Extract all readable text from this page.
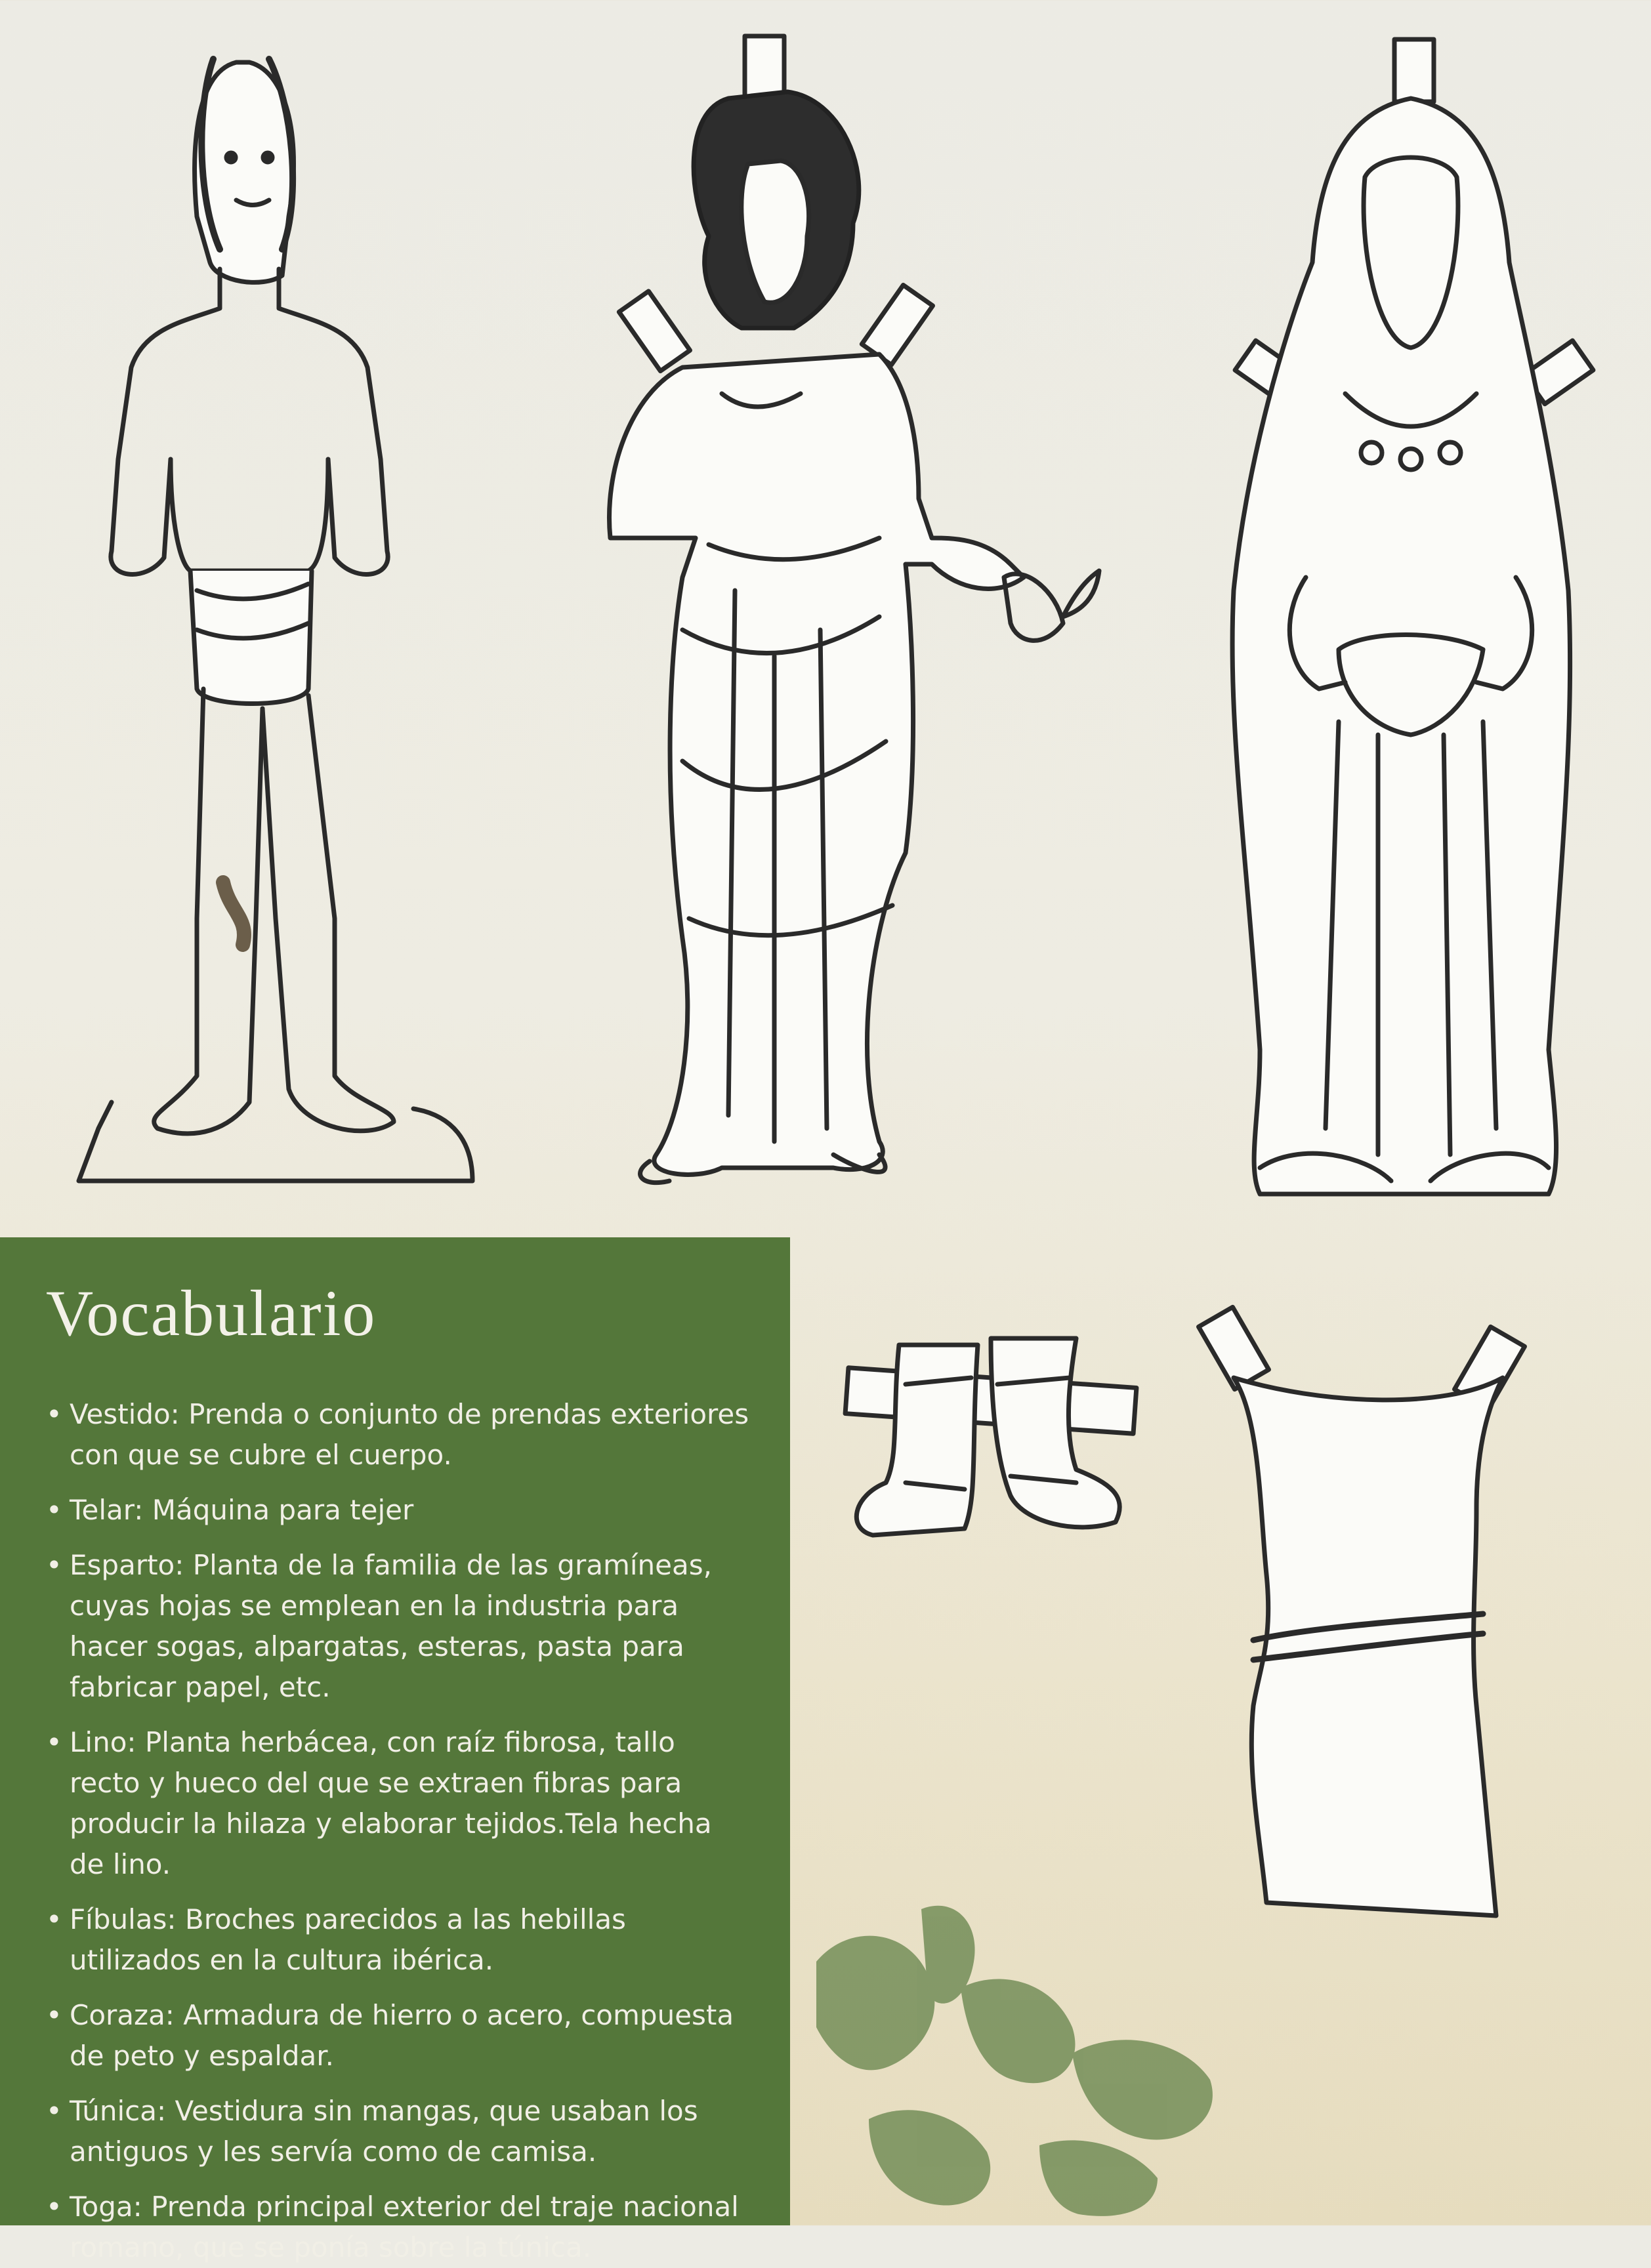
Vocabulario
• Vestido: Prenda o conjunto de prendas exteriores con que se cubre el cuerpo.
• Telar: Máquina para tejer
• Esparto: Planta de la familia de las gramíneas, cuyas hojas se emplean en la industria para hacer sogas, alpargatas, esteras, pasta para fabricar papel, etc.
• Lino: Planta herbácea, con raíz fibrosa, tallo recto y hueco del que se extraen fibras para producir la hilaza y elaborar tejidos.Tela hecha de lino.
• Fíbulas: Broches parecidos a las hebillas utilizados en la cultura ibérica.
• Coraza: Armadura de hierro o acero, compuesta de peto y espaldar.
• Túnica: Vestidura sin mangas, que usaban los antiguos y les servía como de camisa.
• Toga: Prenda principal exterior del traje nacional romano, que se ponía sobre la túnica.
